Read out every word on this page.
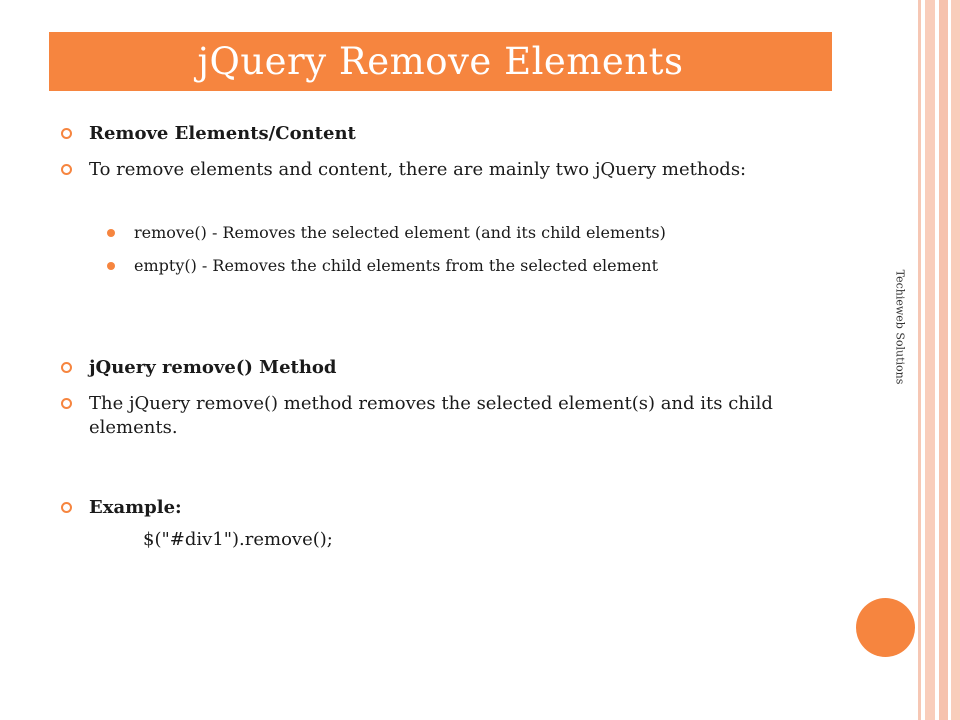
jQuery Remove Elements
Remove Elements/Content
To remove elements and content, there are mainly two jQuery methods:
remove() - Removes the selected element (and its child elements)
empty() - Removes the child elements from the selected element
jQuery remove() Method
The jQuery remove() method removes the selected element(s) and its child elements.
Example:
$("#div1").remove();
Techieweb Solutions
